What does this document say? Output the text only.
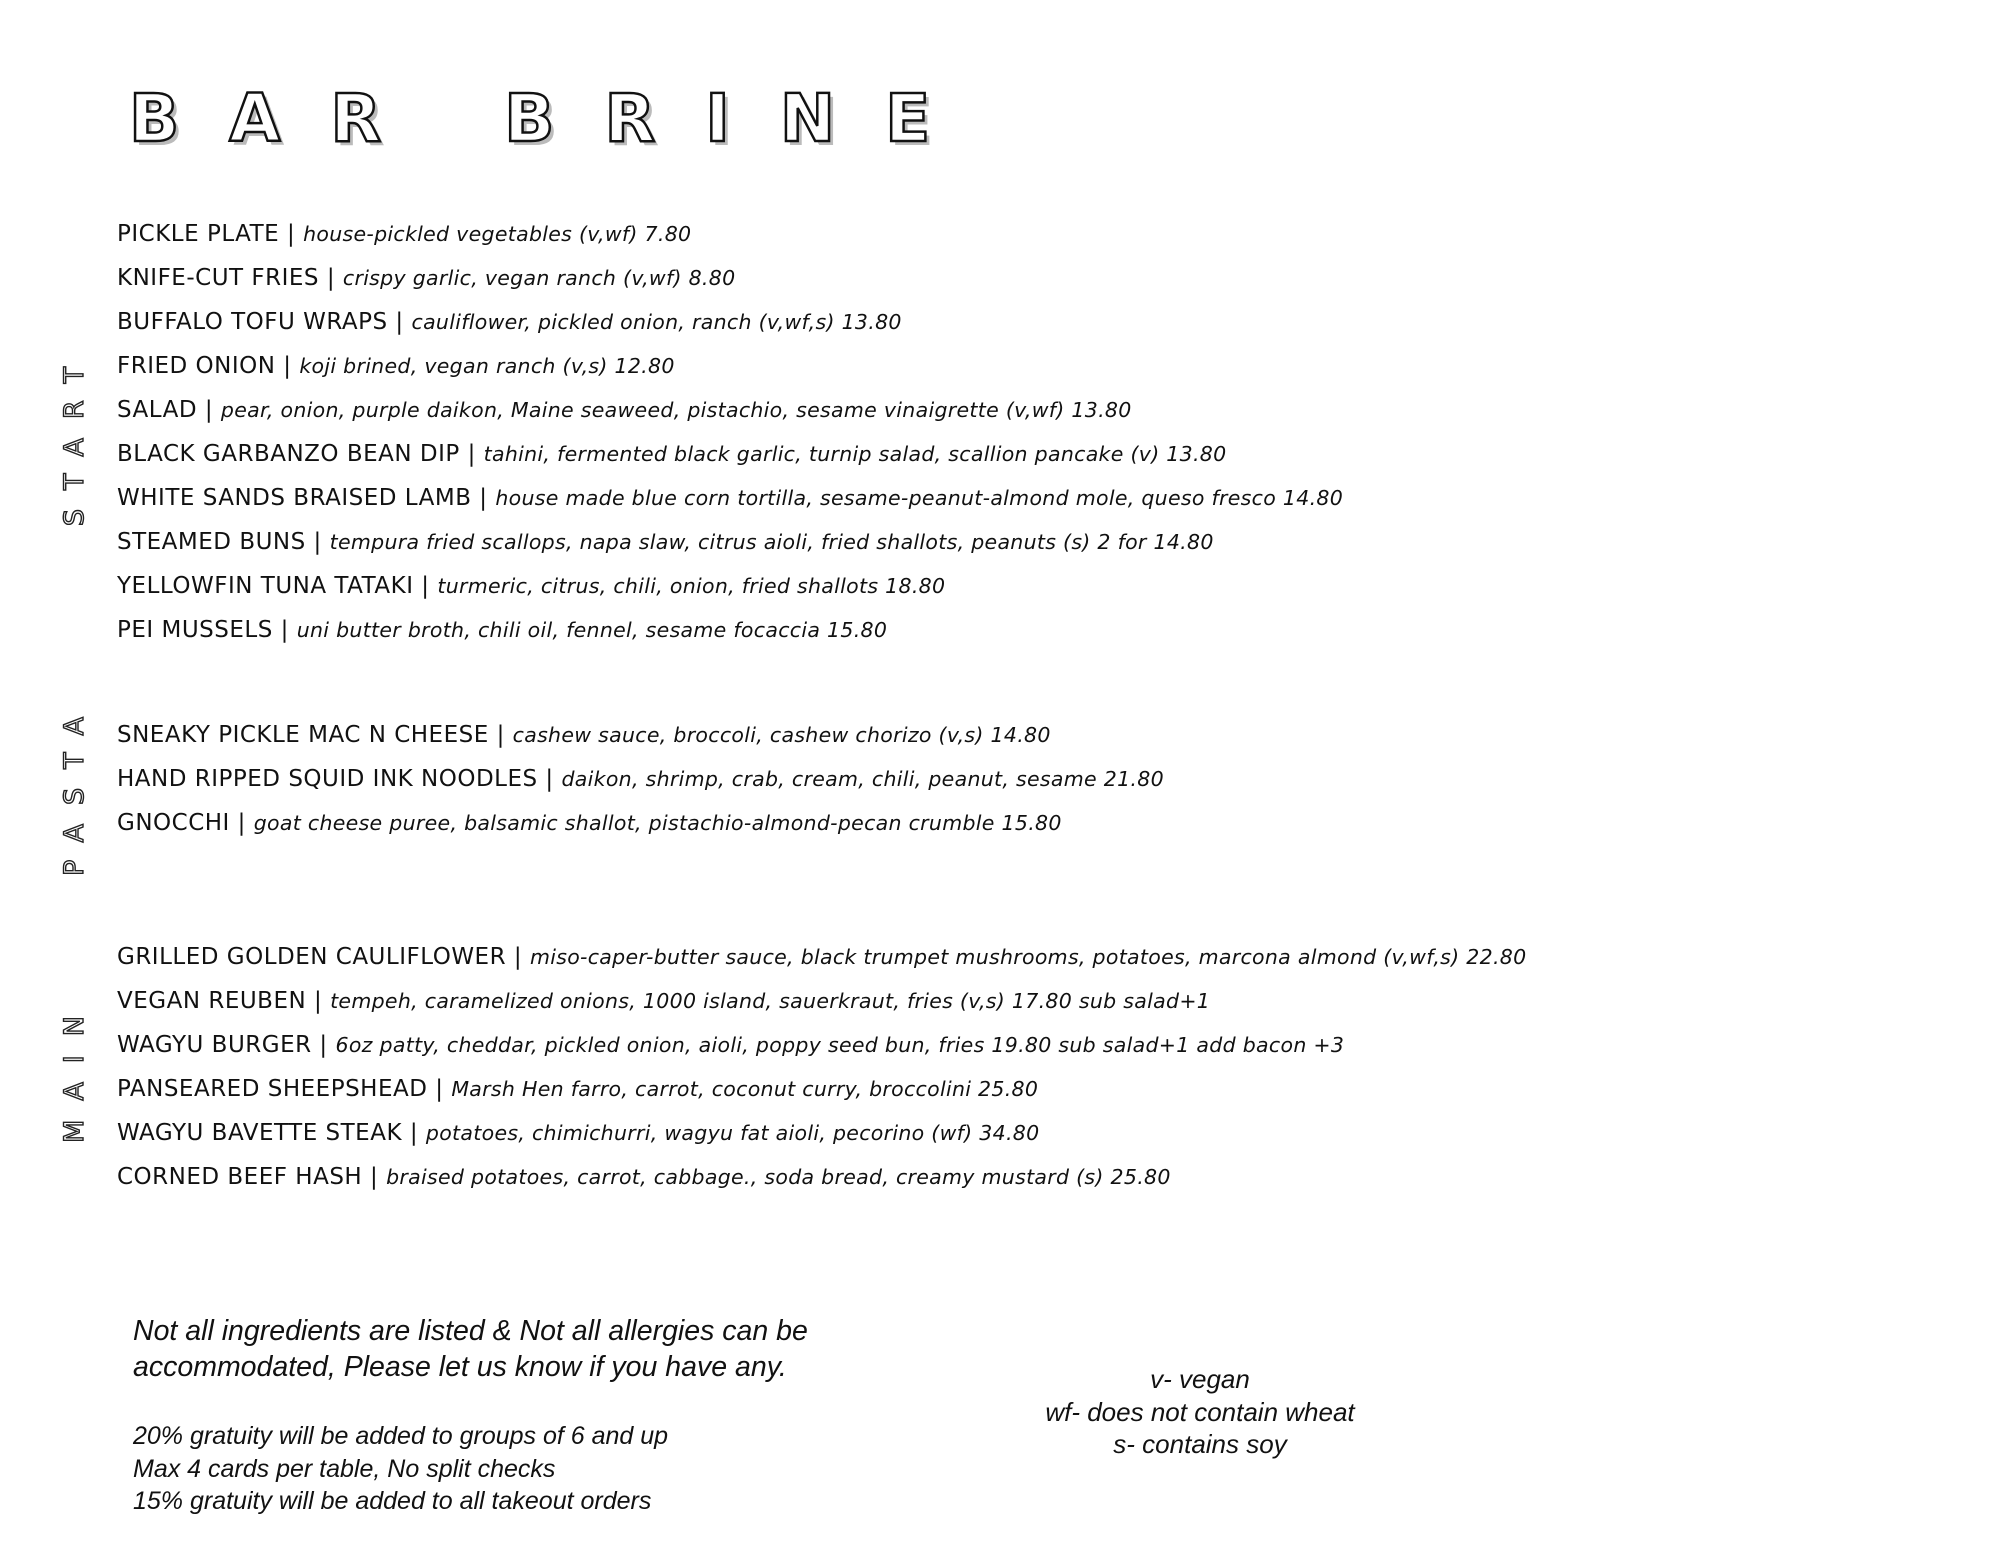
BAR BRINE
START
PASTA
MAIN
PICKLE PLATE | house-pickled vegetables (v,wf) 7.80
KNIFE-CUT FRIES | crispy garlic, vegan ranch (v,wf) 8.80
BUFFALO TOFU WRAPS | cauliflower, pickled onion, ranch (v,wf,s) 13.80
FRIED ONION | koji brined, vegan ranch (v,s) 12.80
SALAD | pear, onion, purple daikon, Maine seaweed, pistachio, sesame vinaigrette (v,wf) 13.80
BLACK GARBANZO BEAN DIP | tahini, fermented black garlic, turnip salad, scallion pancake (v) 13.80
WHITE SANDS BRAISED LAMB | house made blue corn tortilla, sesame-peanut-almond mole, queso fresco 14.80
STEAMED BUNS | tempura fried scallops, napa slaw, citrus aioli, fried shallots, peanuts (s) 2 for 14.80
YELLOWFIN TUNA TATAKI | turmeric, citrus, chili, onion, fried shallots 18.80
PEI MUSSELS | uni butter broth, chili oil, fennel, sesame focaccia 15.80
SNEAKY PICKLE MAC N CHEESE | cashew sauce, broccoli, cashew chorizo (v,s) 14.80
HAND RIPPED SQUID INK NOODLES | daikon, shrimp, crab, cream, chili, peanut, sesame 21.80
GNOCCHI | goat cheese puree, balsamic shallot, pistachio-almond-pecan crumble 15.80
GRILLED GOLDEN CAULIFLOWER | miso-caper-butter sauce, black trumpet mushrooms, potatoes, marcona almond (v,wf,s) 22.80
VEGAN REUBEN | tempeh, caramelized onions, 1000 island, sauerkraut, fries (v,s) 17.80 sub salad+1
WAGYU BURGER | 6oz patty, cheddar, pickled onion, aioli, poppy seed bun, fries 19.80 sub salad+1 add bacon +3
PANSEARED SHEEPSHEAD | Marsh Hen farro, carrot, coconut curry, broccolini 25.80
WAGYU BAVETTE STEAK | potatoes, chimichurri, wagyu fat aioli, pecorino (wf) 34.80
CORNED BEEF HASH | braised potatoes, carrot, cabbage., soda bread, creamy mustard (s) 25.80
Not all ingredients are listed & Not all allergies can be
accommodated, Please let us know if you have any.
20% gratuity will be added to groups of 6 and up
Max 4 cards per table, No split checks
15% gratuity will be added to all takeout orders
v- vegan
wf- does not contain wheat
s- contains soy
